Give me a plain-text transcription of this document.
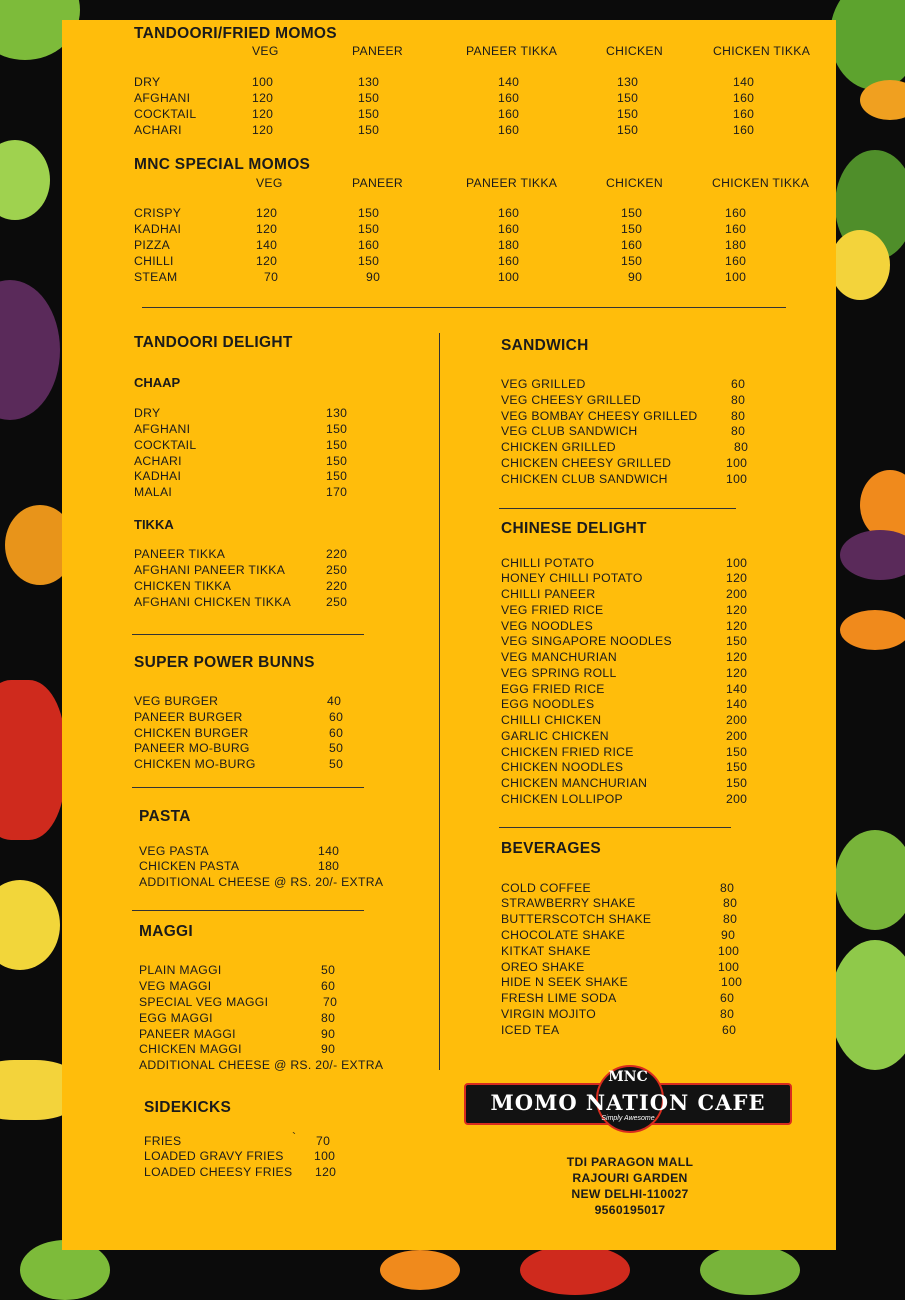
TANDOORI/FRIED MOMOS
VEG	PANEER	PANEER TIKKA	CHICKEN	CHICKEN TIKKA
DRY	100	130	140	130	140
AFGHANI	120	150	160	150	160
COCKTAIL	120	150	160	150	160
ACHARI	120	150	160	150	160
MNC SPECIAL MOMOS
VEG	PANEER	PANEER TIKKA	CHICKEN	CHICKEN TIKKA
CRISPY	120	150	160	150	160
KADHAI	120	150	160	150	160
PIZZA	140	160	180	160	180
CHILLI	120	150	160	150	160
STEAM	70	90	100	90	100
TANDOORI DELIGHT
CHAAP
DRY	130
AFGHANI	150
COCKTAIL	150
ACHARI	150
KADHAI	150
MALAI	170
TIKKA
PANEER TIKKA	220
AFGHANI PANEER TIKKA	250
CHICKEN TIKKA	220
AFGHANI CHICKEN TIKKA	250
SUPER POWER BUNNS
VEG BURGER	40
PANEER BURGER	60
CHICKEN BURGER	60
PANEER MO-BURG	50
CHICKEN MO-BURG	50
PASTA
VEG PASTA	140
CHICKEN PASTA	180
ADDITIONAL CHEESE @ RS. 20/- EXTRA
MAGGI
PLAIN MAGGI	50
VEG MAGGI	60
SPECIAL VEG MAGGI	70
EGG MAGGI	80
PANEER MAGGI	90
CHICKEN MAGGI	90
ADDITIONAL CHEESE @ RS. 20/- EXTRA
SIDEKICKS
FRIES	` 70
LOADED GRAVY FRIES 100
LOADED CHEESY FRIES 120
SANDWICH
VEG GRILLED	60
VEG CHEESY GRILLED	80
VEG BOMBAY CHEESY GRILLED	80
VEG CLUB SANDWICH	80
CHICKEN GRILLED	80
CHICKEN CHEESY GRILLED	100
CHICKEN CLUB SANDWICH	100
CHINESE DELIGHT
CHILLI POTATO	100
HONEY CHILLI POTATO	120
CHILLI PANEER	200
VEG FRIED RICE	120
VEG NOODLES	120
VEG SINGAPORE NOODLES	150
VEG MANCHURIAN	120
VEG SPRING ROLL	120
EGG FRIED RICE	140
EGG NOODLES	140
CHILLI CHICKEN	200
GARLIC CHICKEN	200
CHICKEN FRIED RICE	150
CHICKEN NOODLES	150
CHICKEN MANCHURIAN	150
CHICKEN LOLLIPOP	200
BEVERAGES
COLD COFFEE	80
STRAWBERRY SHAKE	80
BUTTERSCOTCH SHAKE	80
CHOCOLATE SHAKE	90
KITKAT SHAKE	100
OREO SHAKE	100
HIDE N SEEK SHAKE	100
FRESH LIME SODA	60
VIRGIN MOJITO	80
ICED TEA	60
MNC
MOMO NATION CAFE
Simply Awesome
TDI PARAGON MALL
RAJOURI GARDEN
NEW DELHI-110027
9560195017
